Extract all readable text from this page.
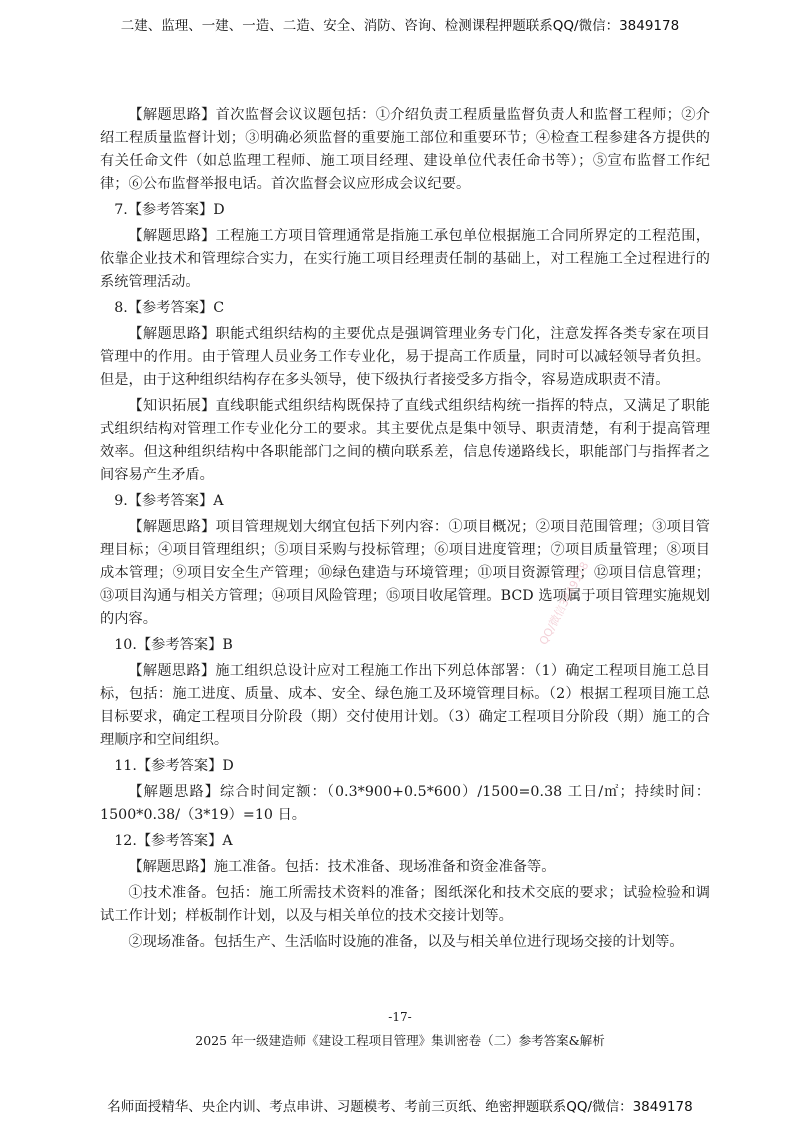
二建、监理、一建、一造、二造、安全、消防、咨询、检测课程押题联系QQ/微信：3849178

【解题思路】首次监督会议议题包括：①介绍负责工程质量监督负责人和监督工程师；②介绍工程质量监督计划；③明确必须监督的重要施工部位和重要环节；④检查工程参建各方提供的有关任命文件（如总监理工程师、施工项目经理、建设单位代表任命书等）；⑤宣布监督工作纪律；⑥公布监督举报电话。首次监督会议应形成会议纪要。

7.【参考答案】D

【解题思路】工程施工方项目管理通常是指施工承包单位根据施工合同所界定的工程范围，依靠企业技术和管理综合实力，在实行施工项目经理责任制的基础上，对工程施工全过程进行的系统管理活动。

8.【参考答案】C

【解题思路】职能式组织结构的主要优点是强调管理业务专门化，注意发挥各类专家在项目管理中的作用。由于管理人员业务工作专业化，易于提高工作质量，同时可以减轻领导者负担。但是，由于这种组织结构存在多头领导，使下级执行者接受多方指令，容易造成职责不清。

【知识拓展】直线职能式组织结构既保持了直线式组织结构统一指挥的特点，又满足了职能式组织结构对管理工作专业化分工的要求。其主要优点是集中领导、职责清楚，有利于提高管理效率。但这种组织结构中各职能部门之间的横向联系差，信息传递路线长，职能部门与指挥者之间容易产生矛盾。

9.【参考答案】A

【解题思路】项目管理规划大纲宜包括下列内容：①项目概况；②项目范围管理；③项目管理目标；④项目管理组织；⑤项目采购与投标管理；⑥项目进度管理；⑦项目质量管理；⑧项目成本管理；⑨项目安全生产管理；⑩绿色建造与环境管理；⑪项目资源管理；⑫项目信息管理；⑬项目沟通与相关方管理；⑭项目风险管理；⑮项目收尾管理。BCD 选项属于项目管理实施规划的内容。

10.【参考答案】B

【解题思路】施工组织总设计应对工程施工作出下列总体部署：（1）确定工程项目施工总目标，包括：施工进度、质量、成本、安全、绿色施工及环境管理目标。（2）根据工程项目施工总目标要求，确定工程项目分阶段（期）交付使用计划。（3）确定工程项目分阶段（期）施工的合理顺序和空间组织。

11.【参考答案】D

【解题思路】综合时间定额：（0.3*900+0.5*600）/1500=0.38 工日/㎡；持续时间：1500*0.38/（3*19）=10 日。

12.【参考答案】A

【解题思路】施工准备。包括：技术准备、现场准备和资金准备等。

①技术准备。包括：施工所需技术资料的准备；图纸深化和技术交底的要求；试验检验和调试工作计划；样板制作计划，以及与相关单位的技术交接计划等。

②现场准备。包括生产、生活临时设施的准备，以及与相关单位进行现场交接的计划等。

QQ/微信3849178
-17-
2025 年一级建造师《建设工程项目管理》集训密卷（二）参考答案&解析
名师面授精华、央企内训、考点串讲、习题模考、考前三页纸、绝密押题联系QQ/微信：3849178
